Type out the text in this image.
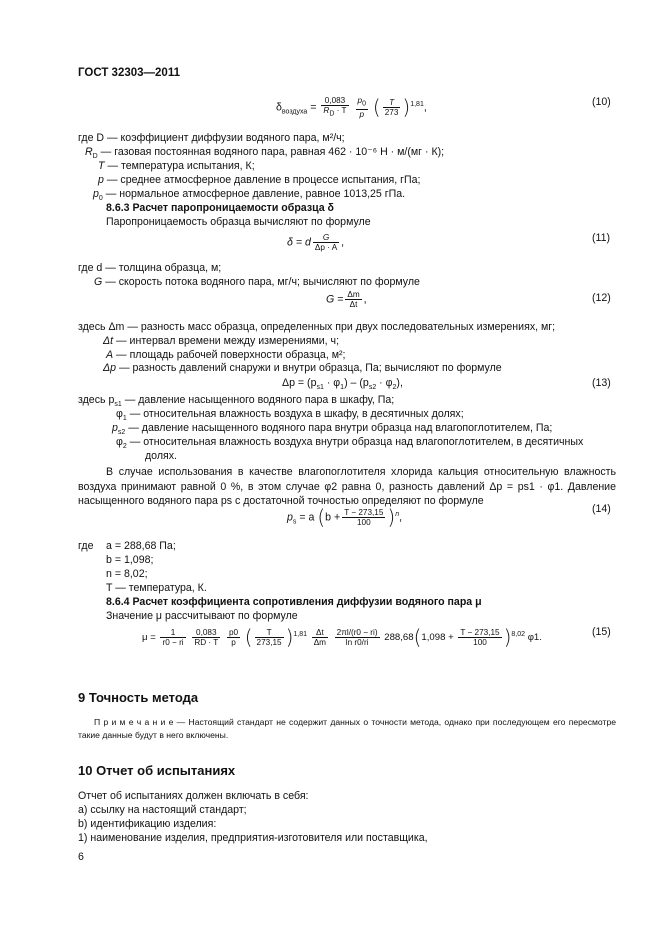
ГОСТ 32303—2011
$\delta_{воздуха} = \frac{0,083}{RD \cdot T}$
$\frac{p0}{p}$ ( $\frac{T}{273} )^{1,81}$,	(10)
где D — коэффициент диффузии водяного пара, м²/ч;
$R_D$ — газовая постоянная водяного пара, равная 462 · 10⁻⁶ Н · м/(мг · К);
T — температура испытания, К;
p — среднее атмосферное давление в процессе испытания, гПа;
$p_0$ — нормальное атмосферное давление, равное 1013,25 гПа.
8.6.3 Расчет паропроницаемости образца δ
Паропроницаемость образца вычисляют по формуле
δ = d $\frac{G}{\Delta p \cdot A}$ ,	(11)
где d — толщина образца, м;
G — скорость потока водяного пара, мг/ч; вычисляют по формуле
$G = \frac{\Delta m}{\Delta t}$ ,	(12)
здесь Δm — разность масс образца, определенных при двух последовательных измерениях, мг;
Δt — интервал времени между измерениями, ч;
A — площадь рабочей поверхности образца, м²;
Δp — разность давлений снаружи и внутри образца, Па; вычисляют по формуле
$\Delta p = (p_{s1} \cdot \varphi_1) - (p_{s2} \cdot \varphi_2)$,	(13)
здесь $p_{s1}$ — давление насыщенного водяного пара в шкафу, Па;
$\varphi_1$ — относительная влажность воздуха в шкафу, в десятичных долях;
$p_{s2}$ — давление насыщенного водяного пара внутри образца над влагопоглотителем, Па;
$\varphi_2$ — относительная влажность воздуха внутри образца над влагопоглотителем, в десятичных
долях.
В случае использования в качестве влагопоглотителя хлорида кальция относительную влажность воздуха принимают равной 0 %, в этом случае φ2 равна 0, разность давлений Δp = ps1 · φ1. Давление насыщенного водяного пара ps с достаточной точностью определяют по формуле
$p_s = a$ $(b + \frac{T - 273,15}{100} )^n$,
(14)
где a = 288,68 Па;
b = 1,098;
n = 8,02;
T — температура, К.
8.6.4 Расчет коэффициента сопротивления диффузии водяного пара μ
Значение μ рассчитывают по формуле
$\mu = \frac{1}{r0 - ri}$
$\frac{0,083}{RD \cdot T}$
$\frac{p0}{p}$ ( $\frac{T}{273,15} )^{1,81} \frac{\Delta t}{\Delta m}$
$\frac{2\pi l/(r0 - ri)}{\text{ln r0/ri}} 288,68(1,098 + \frac{T - 273,15}{100} )^{8,02}$ φ1.	(15)
9 Точность метода
П р и м е ч а н и е — Настоящий стандарт не содержит данных о точности метода, однако при последующем его пересмотре такие данные будут в него включены.
10 Отчет об испытаниях
Отчет об испытаниях должен включать в себя:
a) ссылку на настоящий стандарт;
b) идентификацию изделия:
1) наименование изделия, предприятия-изготовителя или поставщика,
6
